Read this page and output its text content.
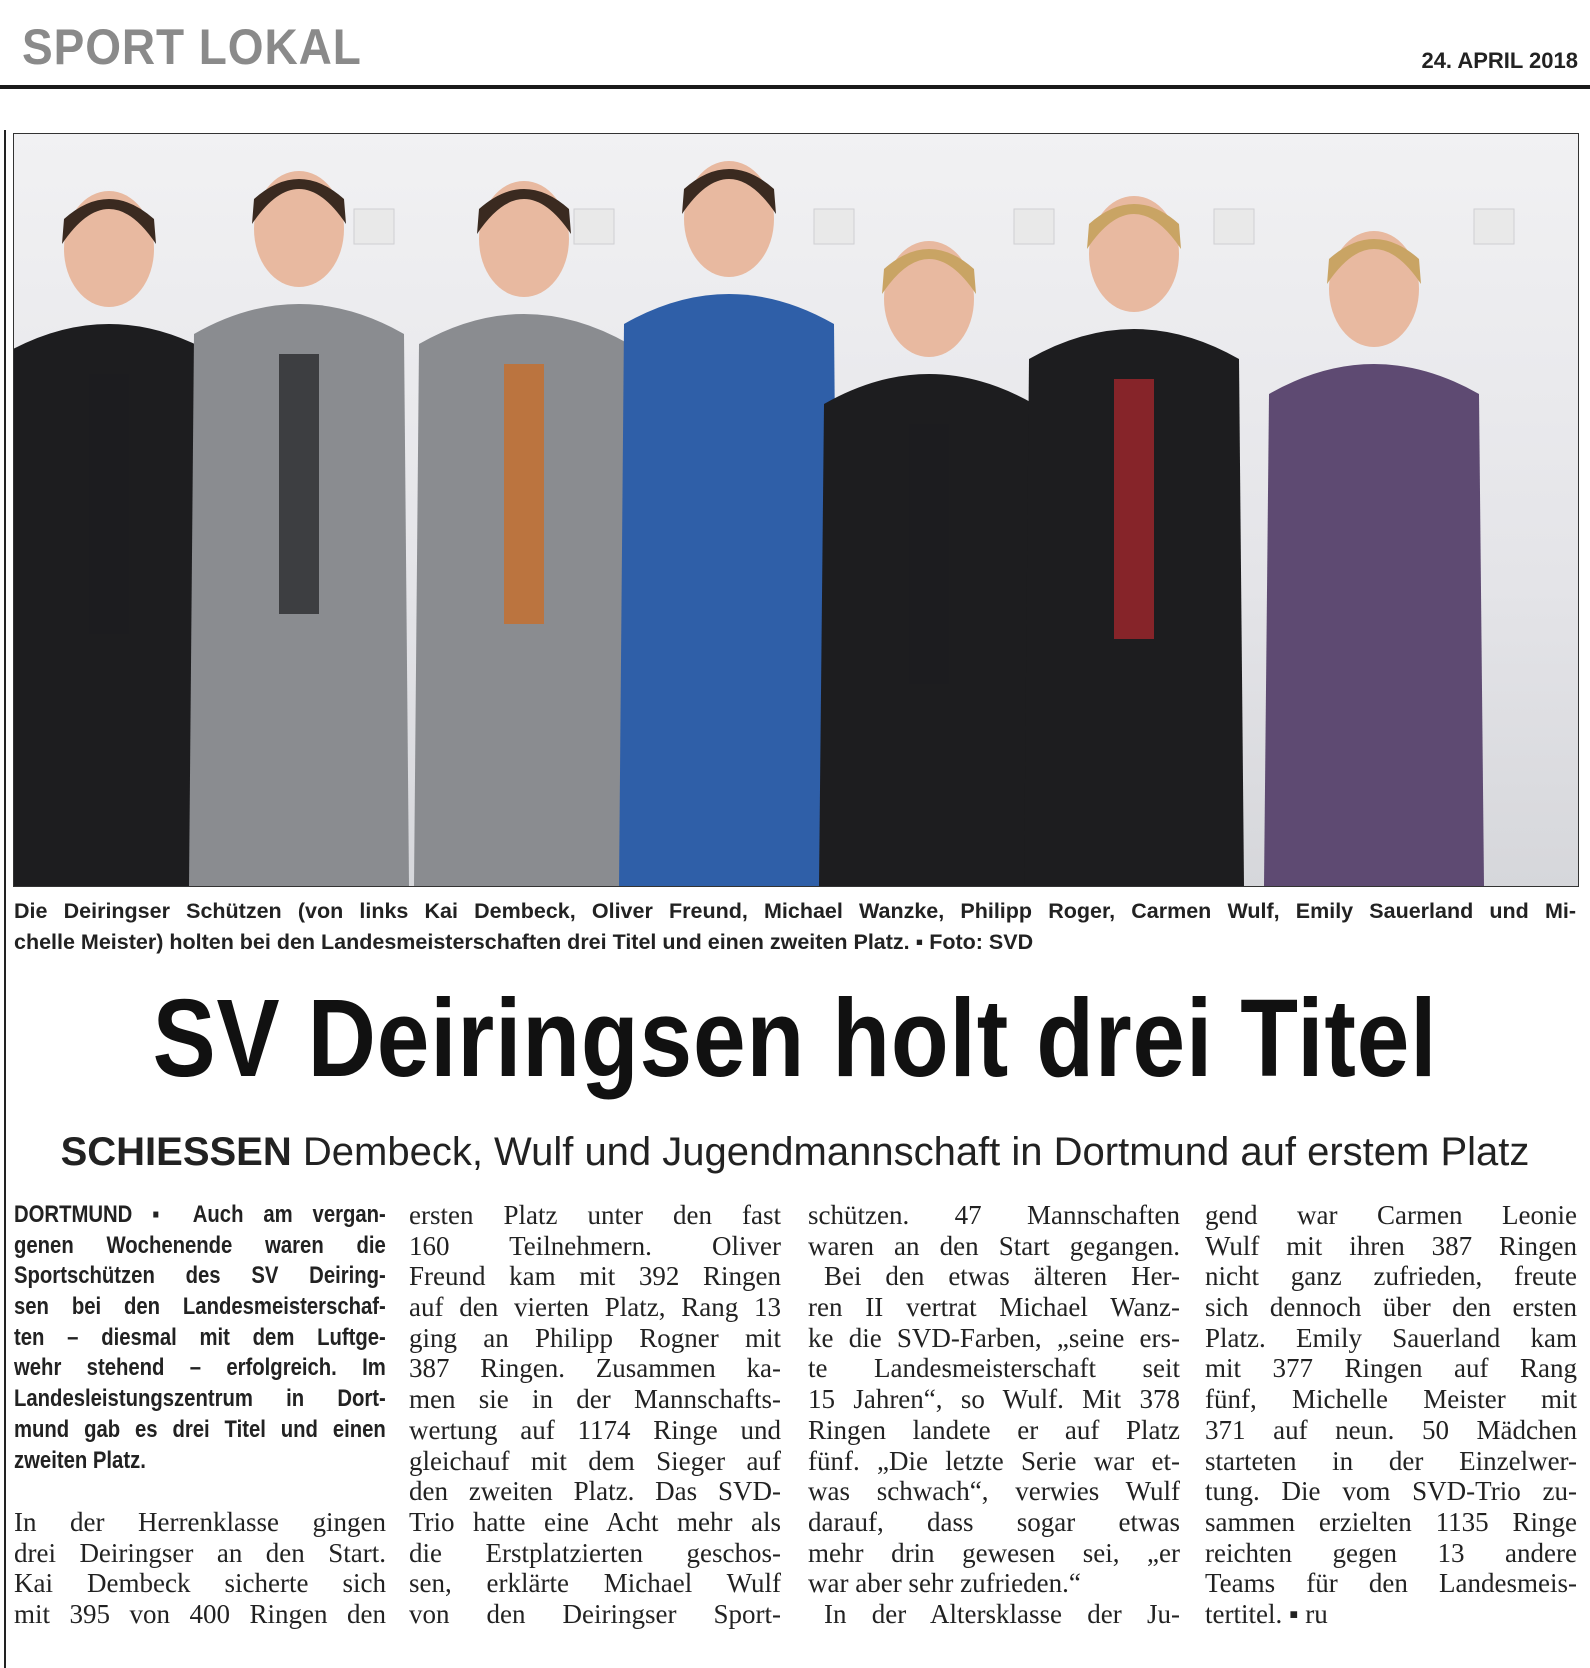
SPORT LOKAL	24. APRIL 2018
Die Deiringser Schützen (von links Kai Dembeck, Oliver Freund, Michael Wanzke, Philipp Roger, Carmen Wulf, Emily Sauerland und Mi-
chelle Meister) holten bei den Landesmeisterschaften drei Titel und einen zweiten Platz. ▪ Foto: SVD
SV Deiringsen holt drei Titel
SCHIESSEN Dembeck, Wulf und Jugendmannschaft in Dortmund auf erstem Platz
DORTMUND ▪ Auch am vergan-
genen Wochenende waren die
Sportschützen des SV Deiring-
sen bei den Landesmeisterschaf-
ten – diesmal mit dem Luftge-
wehr stehend – erfolgreich. Im
Landesleistungszentrum in Dort-
mund gab es drei Titel und einen
zweiten Platz.
In der Herrenklasse gingen
drei Deiringser an den Start.
Kai Dembeck sicherte sich
mit 395 von 400 Ringen den
ersten Platz unter den fast
160 Teilnehmern. Oliver
Freund kam mit 392 Ringen
auf den vierten Platz, Rang 13
ging an Philipp Rogner mit
387 Ringen. Zusammen ka-
men sie in der Mannschafts-
wertung auf 1174 Ringe und
gleichauf mit dem Sieger auf
den zweiten Platz. Das SVD-
Trio hatte eine Acht mehr als
die Erstplatzierten geschos-
sen, erklärte Michael Wulf
von den Deiringser Sport-
schützen. 47 Mannschaften
waren an den Start gegangen.
Bei den etwas älteren Her-
ren II vertrat Michael Wanz-
ke die SVD-Farben, „seine ers-
te Landesmeisterschaft seit
15 Jahren“, so Wulf. Mit 378
Ringen landete er auf Platz
fünf. „Die letzte Serie war et-
was schwach“, verwies Wulf
darauf, dass sogar etwas
mehr drin gewesen sei, „er
war aber sehr zufrieden.“
In der Altersklasse der Ju-
gend war Carmen Leonie
Wulf mit ihren 387 Ringen
nicht ganz zufrieden, freute
sich dennoch über den ersten
Platz. Emily Sauerland kam
mit 377 Ringen auf Rang
fünf, Michelle Meister mit
371 auf neun. 50 Mädchen
starteten in der Einzelwer-
tung. Die vom SVD-Trio zu-
sammen erzielten 1135 Ringe
reichten gegen 13 andere
Teams für den Landesmeis-
tertitel. ▪ ru
